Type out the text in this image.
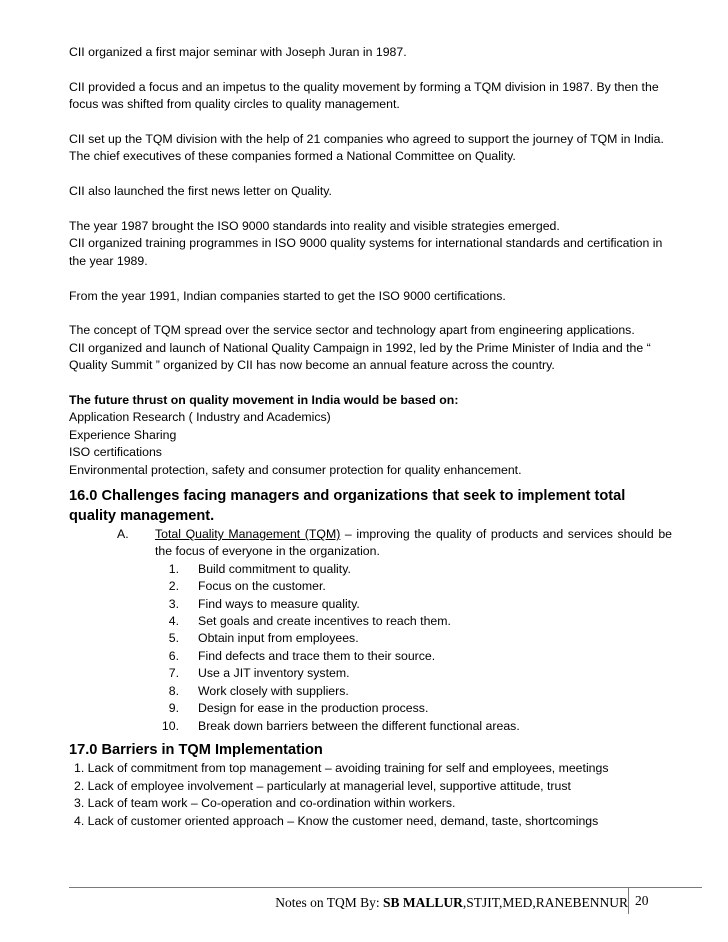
CII organized a first major seminar with Joseph Juran in 1987.

CII provided a focus and an impetus to the quality movement by forming a TQM division in 1987. By then the focus was shifted from quality circles to quality management.

CII set up the TQM division with the help of 21 companies who agreed to support the journey of TQM in India. The chief executives of these companies formed a National Committee on Quality.

CII also launched the first news letter on Quality.

The year 1987 brought the ISO 9000 standards into reality and visible strategies emerged.

CII organized training programmes in ISO 9000 quality systems for international standards and certification in the year 1989.

From the year 1991, Indian companies started to get the ISO 9000 certifications.

The concept of TQM spread over the service sector and technology apart from engineering applications.

CII organized and launch of National Quality Campaign in 1992, led by the Prime Minister of India and the “ Quality Summit ” organized by CII has now become an annual feature across the country.

The future thrust on quality movement in India would be based on:

Application Research ( Industry and Academics)

Experience Sharing

ISO certifications

Environmental protection, safety and consumer protection for quality enhancement.

16.0 Challenges facing managers and organizations that seek to implement total quality management.
A. Total Quality Management (TQM) – improving the quality of products and services should be the focus of everyone in the organization.
1. Build commitment to quality.
2. Focus on the customer.
3. Find ways to measure quality.
4. Set goals and create incentives to reach them.
5. Obtain input from employees.
6. Find defects and trace them to their source.
7. Use a JIT inventory system.
8. Work closely with suppliers.
9. Design for ease in the production process.
10. Break down barriers between the different functional areas.
17.0 Barriers in TQM Implementation
1. Lack of commitment from top management – avoiding training for self and employees, meetings
2. Lack of employee involvement – particularly at managerial level, supportive attitude, trust
3. Lack of team work – Co-operation and co-ordination within workers.
4. Lack of customer oriented approach – Know the customer need, demand, taste, shortcomings
Notes on TQM By: SB MALLUR,STJIT,MED,RANEBENNUR 20
